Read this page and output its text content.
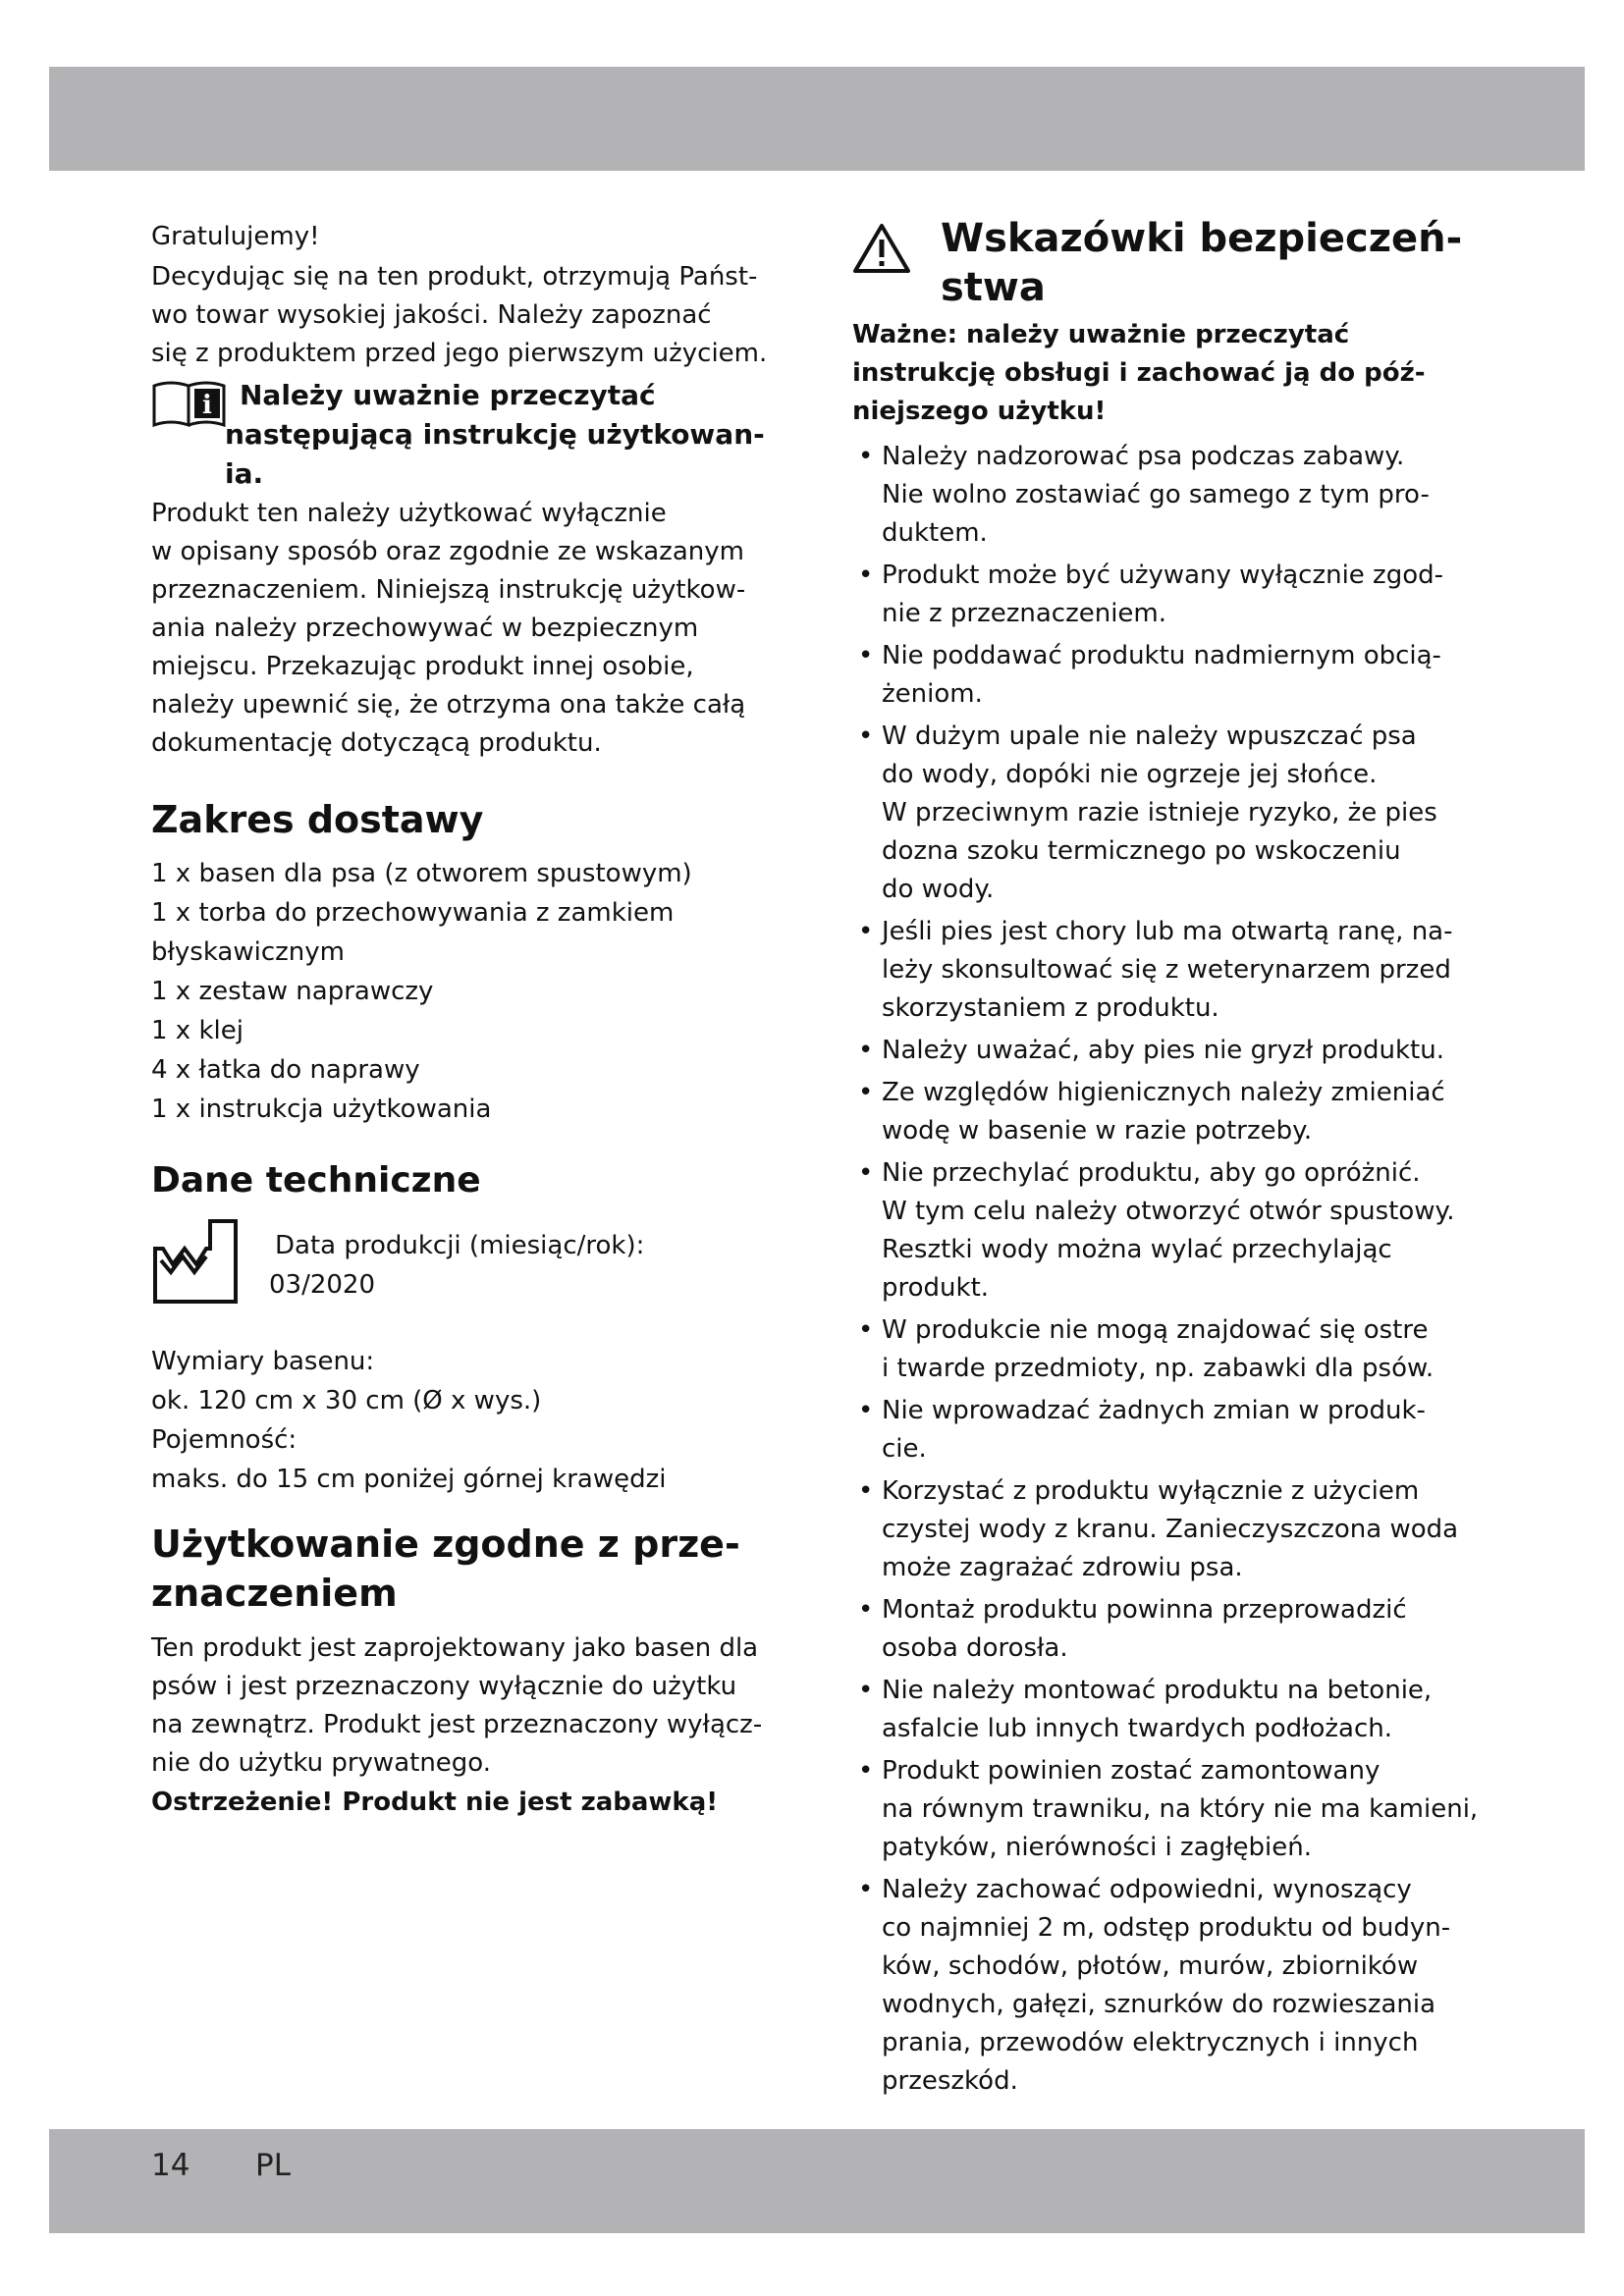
14 PL

Gratulujemy!

Decydując się na ten produkt, otrzymują Państ-
wo towar wysokiej jakości. Należy zapoznać
się z produktem przed jego pierwszym użyciem.

i Należy uważnie przeczytać
następującą instrukcję użytkowan-
ia.

Produkt ten należy użytkować wyłącznie
w opisany sposób oraz zgodnie ze wskazanym
przeznaczeniem. Niniejszą instrukcję użytkow-
ania należy przechowywać w bezpiecznym
miejscu. Przekazując produkt innej osobie,
należy upewnić się, że otrzyma ona także całą
dokumentację dotyczącą produktu.

Zakres dostawy
1 x basen dla psa (z otworem spustowym)
1 x torba do przechowywania z zamkiem
błyskawicznym
1 x zestaw naprawczy
1 x klej
4 x łatka do naprawy
1 x instrukcja użytkowania
Dane techniczne

Data produkcji (miesiąc/rok):

03/2020

Wymiary basenu:

ok. 120 cm x 30 cm (Ø x wys.)

Pojemność:

maks. do 15 cm poniżej górnej krawędzi

Użytkowanie zgodne z prze-
znaczeniem

Ten produkt jest zaprojektowany jako basen dla
psów i jest przeznaczony wyłącznie do użytku
na zewnątrz. Produkt jest przeznaczony wyłącz-
nie do użytku prywatnego.

Ostrzeżenie! Produkt nie jest zabawką!

Wskazówki bezpieczeń-
stwa

Ważne: należy uważnie przeczytać
instrukcję obsługi i zachować ją do póź-
niejszego użytku!

• Należy nadzorować psa podczas zabawy.
Nie wolno zostawiać go samego z tym pro-
duktem.
• Produkt może być używany wyłącznie zgod-
nie z przeznaczeniem.
• Nie poddawać produktu nadmiernym obcią-
żeniom.
• W dużym upale nie należy wpuszczać psa
do wody, dopóki nie ogrzeje jej słońce.
W przeciwnym razie istnieje ryzyko, że pies
dozna szoku termicznego po wskoczeniu
do wody.
• Jeśli pies jest chory lub ma otwartą ranę, na-
leży skonsultować się z weterynarzem przed
skorzystaniem z produktu.
• Należy uważać, aby pies nie gryzł produktu.
• Ze względów higienicznych należy zmieniać
wodę w basenie w razie potrzeby.
• Nie przechylać produktu, aby go opróżnić.
W tym celu należy otworzyć otwór spustowy.
Resztki wody można wylać przechylając
produkt.
• W produkcie nie mogą znajdować się ostre
i twarde przedmioty, np. zabawki dla psów.
• Nie wprowadzać żadnych zmian w produk-
cie.
• Korzystać z produktu wyłącznie z użyciem
czystej wody z kranu. Zanieczyszczona woda
może zagrażać zdrowiu psa.
• Montaż produktu powinna przeprowadzić
osoba dorosła.
• Nie należy montować produktu na betonie,
asfalcie lub innych twardych podłożach.
• Produkt powinien zostać zamontowany
na równym trawniku, na który nie ma kamieni,
patyków, nierówności i zagłębień.
• Należy zachować odpowiedni, wynoszący
co najmniej 2 m, odstęp produktu od budyn-
ków, schodów, płotów, murów, zbiorników
wodnych, gałęzi, sznurków do rozwieszania
prania, przewodów elektrycznych i innych
przeszkód.
